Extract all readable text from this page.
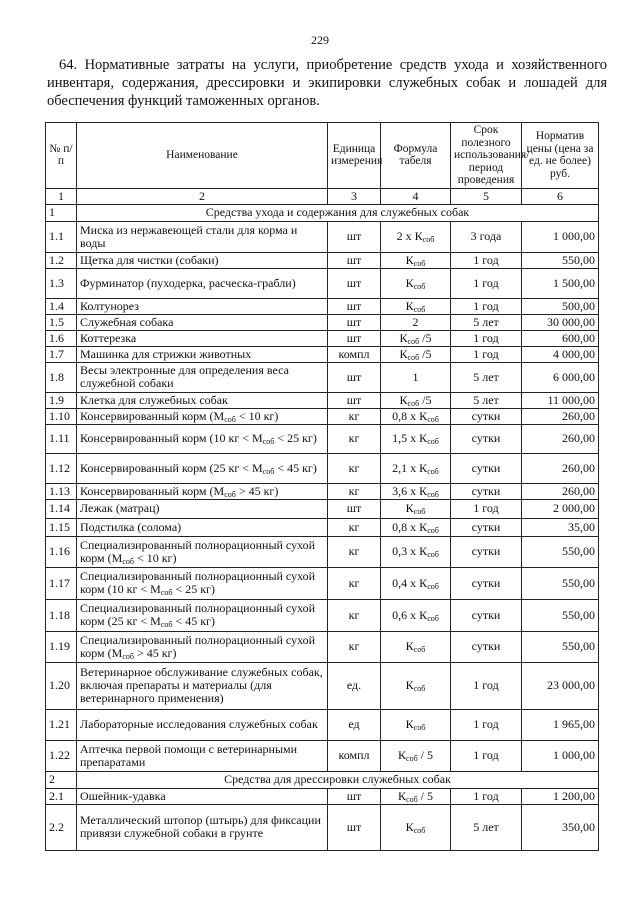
229
64. Нормативные затраты на услуги, приобретение средств ухода и хозяйственного инвентаря, содержания, дрессировки и экипировки служебных собак и лошадей для обеспечения функций таможенных органов.
№ п/п	Наименование	Единица измерения	Формула табеля	Срок полезного использования/период проведения	Норматив цены (цена за ед. не более) руб.
1	2	3	4	5	6
1	Средства ухода и содержания для служебных собак				
1.1	Миска из нержавеющей стали для корма и воды	шт	2 х $К_{соб}$	3 года	1 000,00
1.2	Щетка для чистки (собаки)	шт	$К_{соб}$	1 год	550,00
1.3	Фурминатор (пуходерка, расческа-грабли)	шт	$К_{соб}$	1 год	1 500,00
1.4	Колтунорез	шт	$К_{соб}$	1 год	500,00
1.5	Служебная собака	шт	2	5 лет	30 000,00
1.6	Коттерезка	шт	$К_{соб}$ /5	1 год	600,00
1.7	Машинка для стрижки животных	компл	$К_{соб}$ /5	1 год	4 000,00
1.8	Весы электронные для определения веса служебной собаки	шт	1	5 лет	6 000,00
1.9	Клетка для служебных собак	шт	$К_{соб}$ /5	5 лет	11 000,00
1.10	Консервированный корм ($М_{соб} < 10$ кг)	кг	0,8 х $К_{соб}$	сутки	260,00
1.11	Консервированный корм (10 кг < $М_{соб} < 25$ кг)	кг	1,5 х $К_{соб}$	сутки	260,00
1.12	Консервированный корм (25 кг < $М_{соб} < 45$ кг)	кг	2,1 х $К_{соб}$	сутки	260,00
1.13	Консервированный корм ($М_{соб} > 45$ кг)	кг	3,6 х $К_{соб}$	сутки	260,00
1.14	Лежак (матрац)	шт	$К_{соб}$	1 год	2 000,00
1.15	Подстилка (солома)	кг	0,8 х $К_{соб}$	сутки	35,00
1.16	Специализированный полнорационный сухой корм ($М_{соб} < 10$ кг)	кг	0,3 х $К_{соб}$	сутки	550,00
1.17	Специализированный полнорационный сухой корм (10 кг < $М_{соб} < 25$ кг)	кг	0,4 х $К_{соб}$	сутки	550,00
1.18	Специализированный полнорационный сухой корм (25 кг < $М_{соб} < 45$ кг)	кг	0,6 х $К_{соб}$	сутки	550,00
1.19	Специализированный полнорационный сухой корм ($М_{соб} > 45$ кг)	кг	$К_{соб}$	сутки	550,00
1.20	Ветеринарное обслуживание служебных собак, включая препараты и материалы (для ветеринарного применения)	ед.	$К_{соб}$	1 год	23 000,00
1.21	Лабораторные исследования служебных собак	ед	$К_{соб}$	1 год	1 965,00
1.22	Аптечка первой помощи с ветеринарными препаратами	компл	$К_{соб} / 5$	1 год	1 000,00
2	Средства для дрессировки служебных собак				
2.1	Ошейник-удавка	шт	$К_{соб} / 5$	1 год	1 200,00
2.2	Металлический штопор (штырь) для фиксации привязи служебной собаки в грунте	шт	$К_{соб}$	5 лет	350,00
